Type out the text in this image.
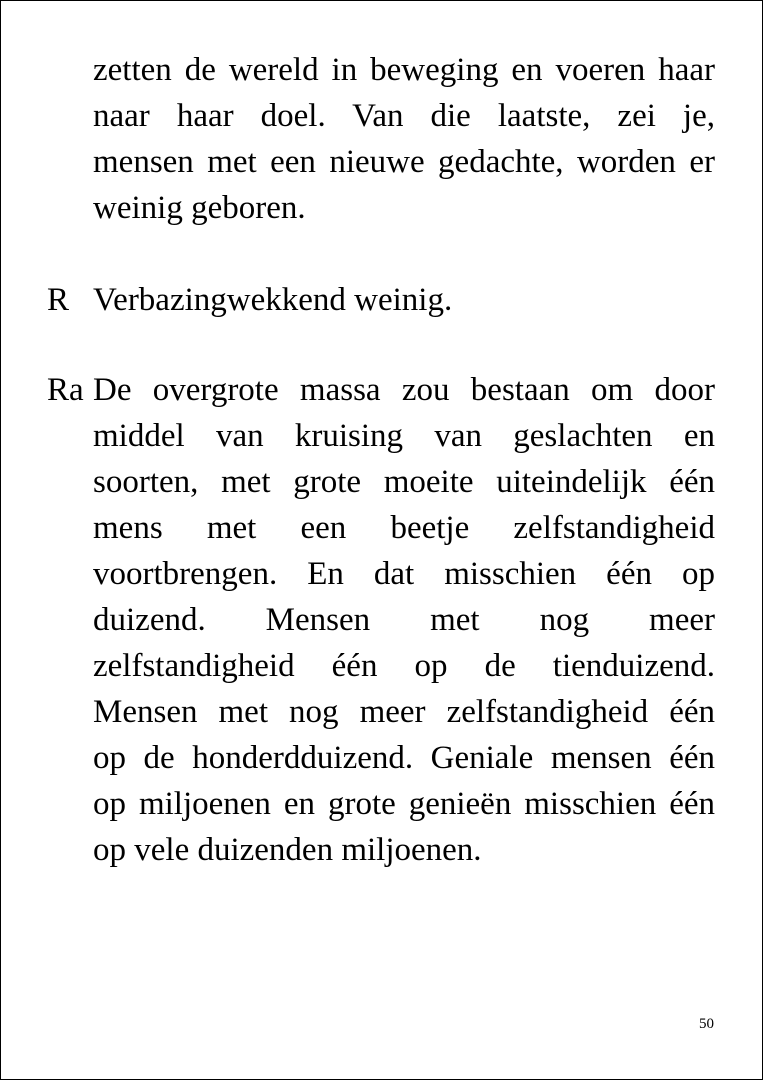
zetten de wereld in beweging en voeren haar
naar haar doel. Van die laatste, zei je,
mensen met een nieuwe gedachte, worden er
weinig geboren.
R Verbazingwekkend weinig.
Ra De overgrote massa zou bestaan om door
middel van kruising van geslachten en
soorten, met grote moeite uiteindelijk één
mens met een beetje zelfstandigheid
voortbrengen. En dat misschien één op
duizend. Mensen met nog meer
zelfstandigheid één op de tienduizend.
Mensen met nog meer zelfstandigheid één
op de honderdduizend. Geniale mensen één
op miljoenen en grote genieën misschien één
op vele duizenden miljoenen.
50
